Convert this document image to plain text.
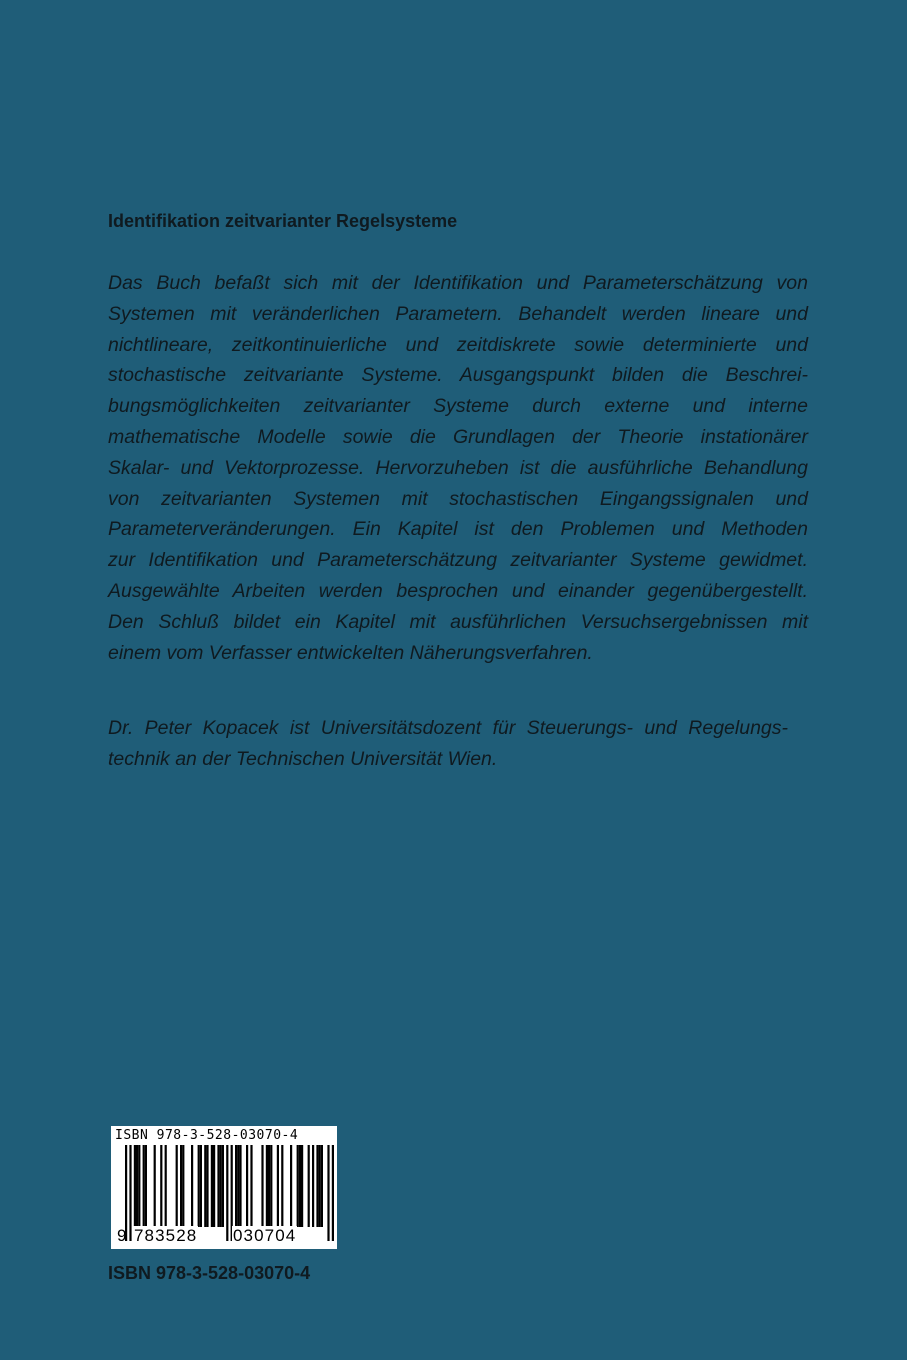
Identifikation zeitvarianter Regelsysteme
Das Buch befaßt sich mit der Identifikation und Parameterschätzung von
Systemen mit veränderlichen Parametern. Behandelt werden lineare und
nichtlineare, zeitkontinuierliche und zeitdiskrete sowie determinierte und
stochastische zeitvariante Systeme. Ausgangspunkt bilden die Beschrei-
bungsmöglichkeiten zeitvarianter Systeme durch externe und interne
mathematische Modelle sowie die Grundlagen der Theorie instationärer
Skalar- und Vektorprozesse. Hervorzuheben ist die ausführliche Behandlung
von zeitvarianten Systemen mit stochastischen Eingangssignalen und
Parameterveränderungen. Ein Kapitel ist den Problemen und Methoden
zur Identifikation und Parameterschätzung zeitvarianter Systeme gewidmet.
Ausgewählte Arbeiten werden besprochen und einander gegenübergestellt.
Den Schluß bildet ein Kapitel mit ausführlichen Versuchsergebnissen mit
einem vom Verfasser entwickelten Näherungsverfahren.
Dr. Peter Kopacek ist Universitätsdozent für Steuerungs- und Regelungs-
technik an der Technischen Universität Wien.
ISBN 978-3-528-03070-4
9 783528 030704
ISBN 978-3-528-03070-4
